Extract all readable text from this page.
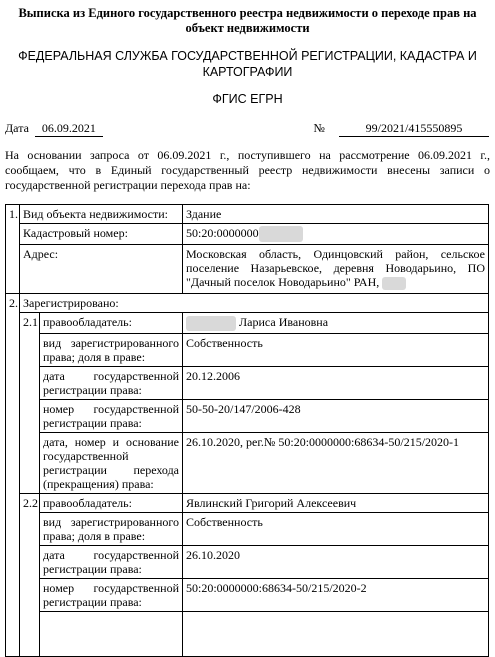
Выписка из Единого государственного реестра недвижимости о переходе прав на объект недвижимости
ФЕДЕРАЛЬНАЯ СЛУЖБА ГОСУДАРСТВЕННОЙ РЕГИСТРАЦИИ, КАДАСТРА И КАРТОГРАФИИ
ФГИС ЕГРН
Дата	06.09.2021	№	99/2021/415550895
На основании запроса от 06.09.2021 г., поступившего на рассмотрение 06.09.2021 г., сообщаем, что в Единый государственный реестр недвижимости внесены записи о государственной регистрации перехода прав на:
1.	Вид объекта недвижимости:		Здание
	Кадастровый номер:		50:20:0000000
	Адрес:		Московская область, Одинцовский район, сельское поселение Назарьевское, деревня Новодарьино, ПО "Дачный поселок Новодарьино" РАН,
2.	Зарегистрировано:		
	2.1	правообладатель:	Лариса Ивановна
		вид зарегистрированного права; доля в праве:	Собственность
		дата государственной регистрации права:	20.12.2006
		номер государственной регистрации права:	50-50-20/147/2006-428
		дата, номер и основание государственной регистрации перехода (прекращения) права:	26.10.2020, рег.№ 50:20:0000000:68634-50/215/2020-1
	2.2	правообладатель:	Явлинский Григорий Алексеевич
		вид зарегистрированного права; доля в праве:	Собственность
		дата государственной регистрации права:	26.10.2020
		номер государственной регистрации права:	50:20:0000000:68634-50/215/2020-2
